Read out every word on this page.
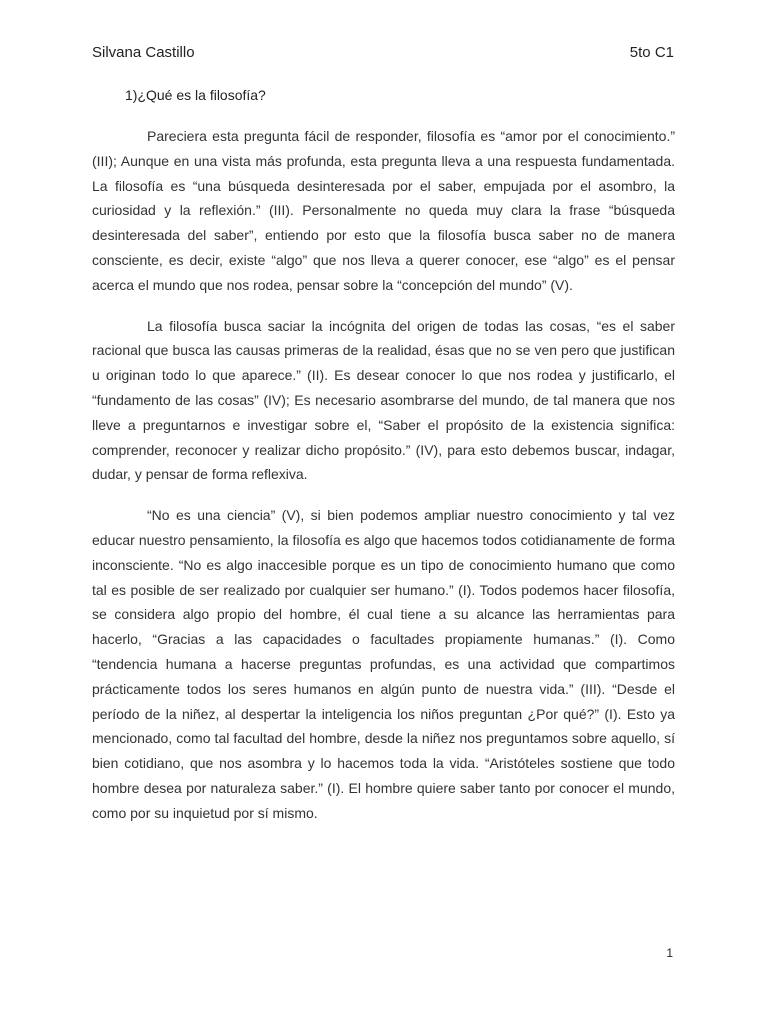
Silvana Castillo	5to C1
1)¿Qué es la filosofía?

Pareciera esta pregunta fácil de responder, filosofía es “amor por el conocimiento.” (III); Aunque en una vista más profunda, esta pregunta lleva a una respuesta fundamentada. La filosofía es “una búsqueda desinteresada por el saber, empujada por el asombro, la curiosidad y la reflexión.” (III). Personalmente no queda muy clara la frase “búsqueda desinteresada del saber”, entiendo por esto que la filosofía busca saber no de manera consciente, es decir, existe “algo” que nos lleva a querer conocer, ese “algo” es el pensar acerca el mundo que nos rodea, pensar sobre la “concepción del mundo” (V).

La filosofía busca saciar la incógnita del origen de todas las cosas, “es el saber racional que busca las causas primeras de la realidad, ésas que no se ven pero que justifican u originan todo lo que aparece.” (II). Es desear conocer lo que nos rodea y justificarlo, el “fundamento de las cosas” (IV); Es necesario asombrarse del mundo, de tal manera que nos lleve a preguntarnos e investigar sobre el, “Saber el propósito de la existencia significa: comprender, reconocer y realizar dicho propósito.” (IV), para esto debemos buscar, indagar, dudar, y pensar de forma reflexiva.

“No es una ciencia” (V), si bien podemos ampliar nuestro conocimiento y tal vez educar nuestro pensamiento, la filosofía es algo que hacemos todos cotidianamente de forma inconsciente. “No es algo inaccesible porque es un tipo de conocimiento humano que como tal es posible de ser realizado por cualquier ser humano.” (I). Todos podemos hacer filosofía, se considera algo propio del hombre, él cual tiene a su alcance las herramientas para hacerlo, “Gracias a las capacidades o facultades propiamente humanas.” (I). Como “tendencia humana a hacerse preguntas profundas, es una actividad que compartimos prácticamente todos los seres humanos en algún punto de nuestra vida.” (III). “Desde el período de la niñez, al despertar la inteligencia los niños preguntan ¿Por qué?” (I). Esto ya mencionado, como tal facultad del hombre, desde la niñez nos preguntamos sobre aquello, sí bien cotidiano, que nos asombra y lo hacemos toda la vida. “Aristóteles sostiene que todo hombre desea por naturaleza saber.” (I). El hombre quiere saber tanto por conocer el mundo, como por su inquietud por sí mismo.

1
